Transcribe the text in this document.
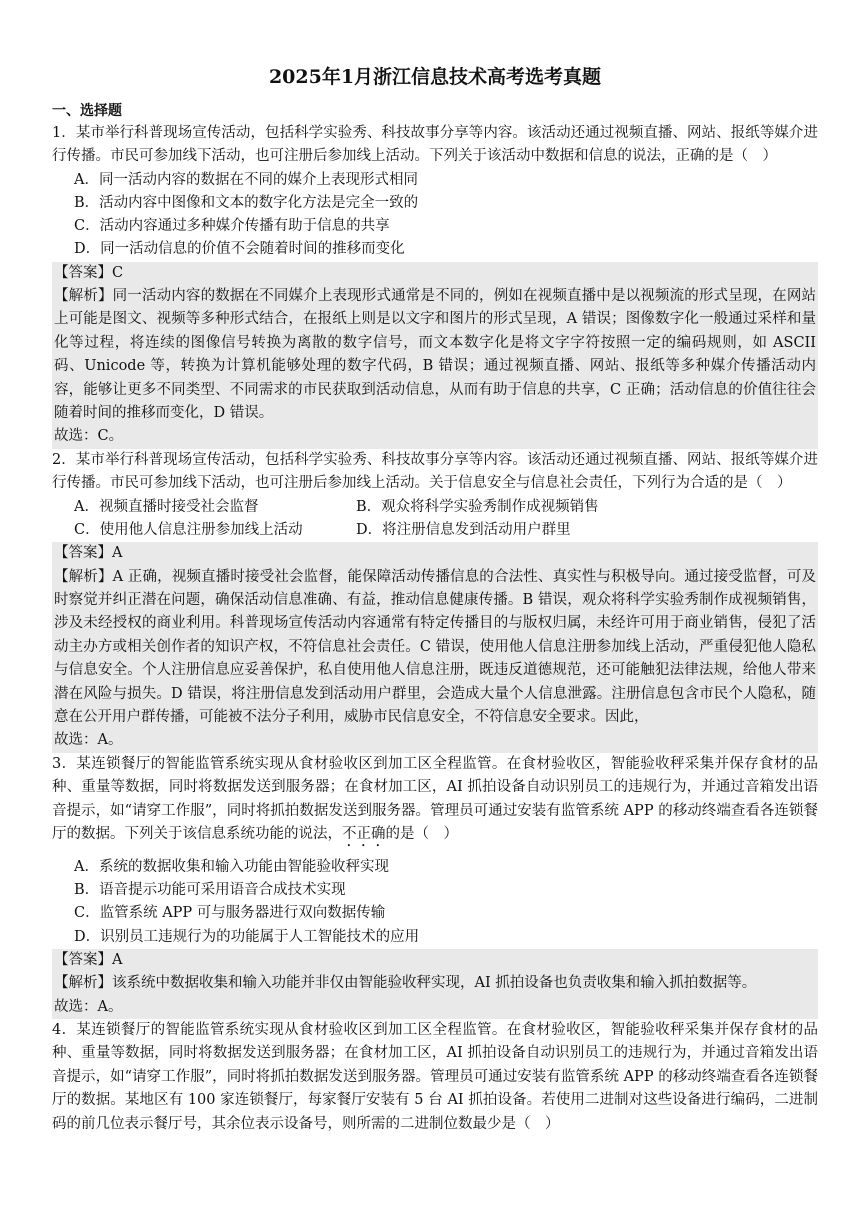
2025年1月浙江信息技术高考选考真题
一、选择题

1．某市举行科普现场宣传活动，包括科学实验秀、科技故事分享等内容。该活动还通过视频直播、网站、报纸等媒介进行传播。市民可参加线下活动，也可注册后参加线上活动。下列关于该活动中数据和信息的说法，正确的是（　）

A．同一活动内容的数据在不同的媒介上表现形式相同

B．活动内容中图像和文本的数字化方法是完全一致的

C．活动内容通过多种媒介传播有助于信息的共享

D．同一活动信息的价值不会随着时间的推移而变化

【答案】C
【解析】同一活动内容的数据在不同媒介上表现形式通常是不同的，例如在视频直播中是以视频流的形式呈现，在网站上可能是图文、视频等多种形式结合，在报纸上则是以文字和图片的形式呈现，A 错误；图像数字化一般通过采样和量化等过程，将连续的图像信号转换为离散的数字信号，而文本数字化是将文字字符按照一定的编码规则，如 ASCII 码、Unicode 等，转换为计算机能够处理的数字代码，B 错误；通过视频直播、网站、报纸等多种媒介传播活动内容，能够让更多不同类型、不同需求的市民获取到活动信息，从而有助于信息的共享，C 正确；活动信息的价值往往会随着时间的推移而变化，D 错误。
故选：C。

2．某市举行科普现场宣传活动，包括科学实验秀、科技故事分享等内容。该活动还通过视频直播、网站、报纸等媒介进行传播。市民可参加线下活动，也可注册后参加线上活动。关于信息安全与信息社会责任，下列行为合适的是（　）

A．视频直播时接受社会监督	B．观众将科学实验秀制作成视频销售
C．使用他人信息注册参加线上活动	D．将注册信息发到活动用户群里
【答案】A
【解析】A 正确，视频直播时接受社会监督，能保障活动传播信息的合法性、真实性与积极导向。通过接受监督，可及时察觉并纠正潜在问题，确保活动信息准确、有益，推动信息健康传播。B 错误，观众将科学实验秀制作成视频销售，涉及未经授权的商业利用。科普现场宣传活动内容通常有特定传播目的与版权归属，未经许可用于商业销售，侵犯了活动主办方或相关创作者的知识产权，不符信息社会责任。C 错误，使用他人信息注册参加线上活动，严重侵犯他人隐私与信息安全。个人注册信息应妥善保护，私自使用他人信息注册，既违反道德规范，还可能触犯法律法规，给他人带来潜在风险与损失。D 错误，将注册信息发到活动用户群里，会造成大量个人信息泄露。注册信息包含市民个人隐私，随意在公开用户群传播，可能被不法分子利用，威胁市民信息安全，不符信息安全要求。因此，
故选：A。

3．某连锁餐厅的智能监管系统实现从食材验收区到加工区全程监管。在食材验收区，智能验收秤采集并保存食材的品种、重量等数据，同时将数据发送到服务器；在食材加工区，AI 抓拍设备自动识别员工的违规行为，并通过音箱发出语音提示，如“请穿工作服”，同时将抓拍数据发送到服务器。管理员可通过安装有监管系统 APP 的移动终端查看各连锁餐厅的数据。下列关于该信息系统功能的说法，不正确的是（　）

A．系统的数据收集和输入功能由智能验收秤实现

B．语音提示功能可采用语音合成技术实现

C．监管系统 APP 可与服务器进行双向数据传输

D．识别员工违规行为的功能属于人工智能技术的应用

【答案】A
【解析】该系统中数据收集和输入功能并非仅由智能验收秤实现，AI 抓拍设备也负责收集和输入抓拍数据等。
故选：A。

4．某连锁餐厅的智能监管系统实现从食材验收区到加工区全程监管。在食材验收区，智能验收秤采集并保存食材的品种、重量等数据，同时将数据发送到服务器；在食材加工区，AI 抓拍设备自动识别员工的违规行为，并通过音箱发出语音提示，如“请穿工作服”，同时将抓拍数据发送到服务器。管理员可通过安装有监管系统 APP 的移动终端查看各连锁餐厅的数据。某地区有 100 家连锁餐厅，每家餐厅安装有 5 台 AI 抓拍设备。若使用二进制对这些设备进行编码，二进制码的前几位表示餐厅号，其余位表示设备号，则所需的二进制位数最少是（　）
